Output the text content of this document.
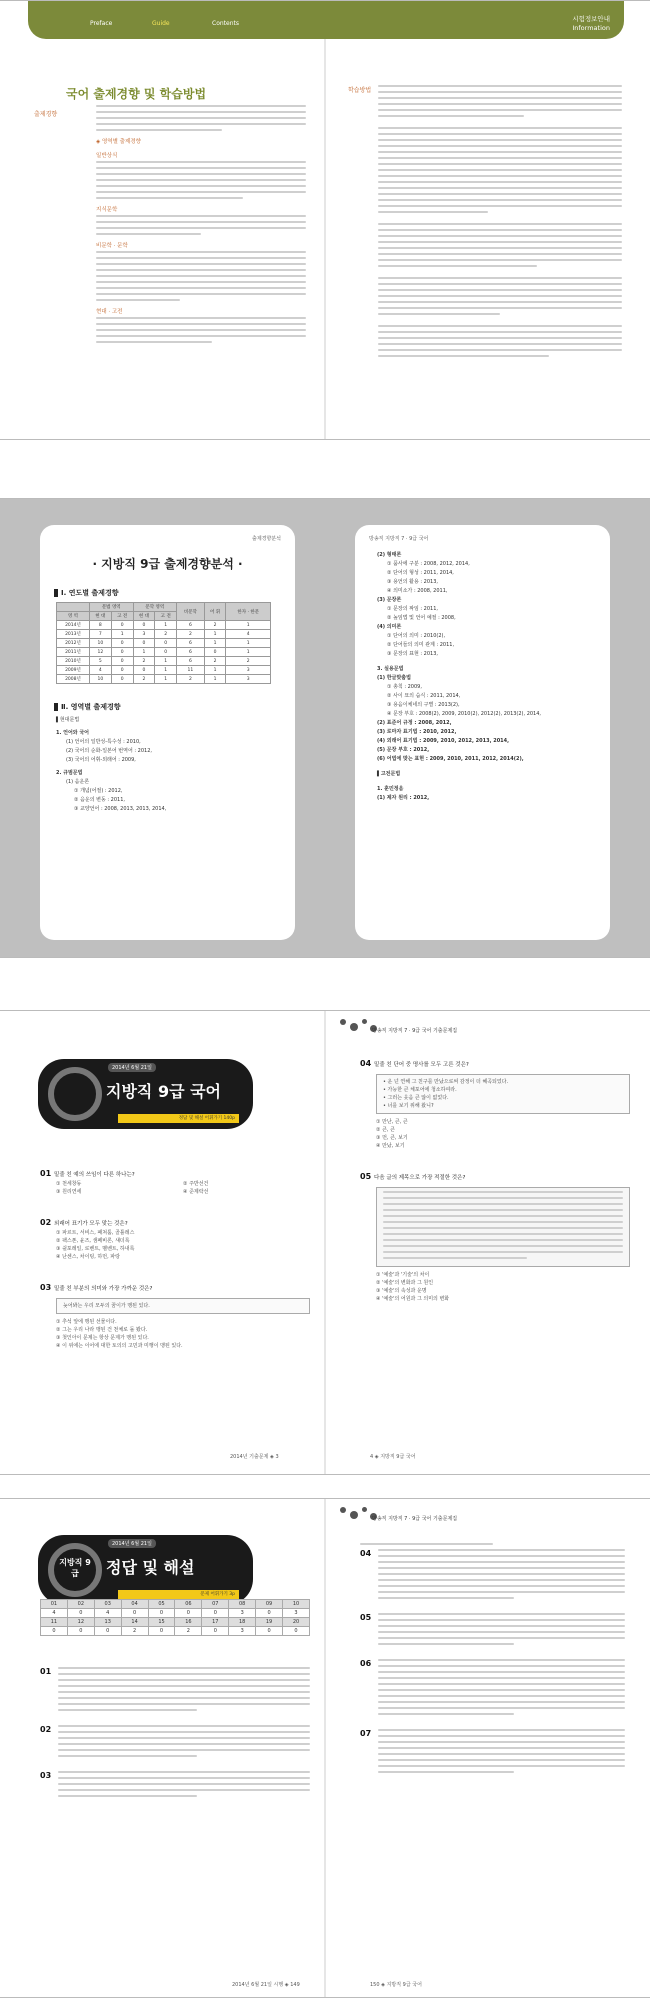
Preface	Guide	Contents
시험정보안내
Information
국어 출제경향 및 학습방법
출제경향
학습방법
◈ 영역별 출제경향
일반상식
지식문학
비문학 · 문학
현대 · 고전
출제경향분석
· 지방직 9급 출제경향분석 ·
Ⅰ. 연도별 출제경향
	문법 영역		문학 영역		비문학	어 휘	한자 · 한문
영 역	현 대	고 전	현 대	고 전			
2014년	8	0	0	1	6	2	1
2013년	7	1	3	2	2	1	4
2012년	10	0	0	0	6	1	1
2011년	12	0	1	0	6	0	1
2010년	5	0	2	1	6	2	2
2009년	4	0	0	1	11	1	3
2008년	10	0	2	1	2	1	3
Ⅱ. 영역별 출제경향
▌현대문법
1. 언어와 국어
(1) 언어의 일반성-특수성 : 2010,
(2) 국어의 순화-일본어 번역어 : 2012,
(3) 국어의 어휘-외래어 : 2009,
2. 규범문법
(1) 음운론
① 개념(어절) : 2012,
② 음운의 변동 : 2011,
③ 교양언어 : 2008, 2013, 2013, 2014,
방송직 지방직 7 · 9급 국어
(2) 형태론
① 품사에 구분 : 2008, 2012, 2014,
② 단어의 형성 : 2011, 2014,
③ 용언의 활용 : 2013,
④ 의미소가 : 2008, 2011,
(3) 문장론
① 문장의 짜임 : 2011,
② 높임법 및 언어 예절 : 2008,
(4) 의미론
① 단어의 의미 : 2010(2),
② 단어들의 의미 관계 : 2011,
③ 문장의 표현 : 2013,
3. 실용문법
(1) 한글맞춤법
① 총칙 : 2009,
② 사이 묘의 습식 : 2011, 2014,
③ 용음이체네의 구별 : 2013(2),
④ 문장 부호 : 2008(2), 2009, 2010(2), 2012(2), 2013(2), 2014,
(2) 표준어 규정 : 2008, 2012,
(3) 로마자 표기법 : 2010, 2012,
(4) 외래어 표기법 : 2009, 2010, 2012, 2013, 2014,
(5) 문장 부호 : 2012,
(6) 어법에 맞는 표현 : 2009, 2010, 2011, 2012, 2014(2),
▌고전문법
1. 훈민정음
(1) 제자 원리 : 2012,
2014년 6월 21일
지방직 9급 국어
정답 및 해설 어휘가기 140p
01 밑줄 친 예의 쓰임이 다른 하나는?
① 천세창동	② 주반선건
③ 원리연세	④ 준제락선
02 외래어 표기가 모두 맞는 것은?
① 파르트, 서비스, 패쳐툼, 골틀레스
② 팩스폰, 윤즈, 샘페비론, 섀더록
③ 쉴포레일, 로벤트, 벨벤트, 하내록
④ 난센스, 차이팅, 하먼, 파랑
03 밑줄 친 부분의 의미와 가장 가까운 것은?
늦어봐는 우리 모두의 꿈이가 맹된 있다.
① 추석 앞에 맹된 선물이다.
② 그는 우리 나라 맹된 건 천체로 돌 봤다.
③ 첫인아이 문제는 항상 문제가 맹된 있다.
④ 이 위에는 이어에 대한 토의의 고민과 미행이 맹된 있다.
2014년 기출문제 ◈ 3
방송직 지방직 7 · 9급 국어 기출문제집
04 밑줄 친 단어 중 명사를 모두 고른 것은?
• 운 넌 연해 그 친구를 만났으로써 감정이 더 혜곡되었다.
• 가능한 큰 체포어에 청소하여라.
• 그러는 웃음 큰 않이 없었다.
• 너를 보기 위해 왔니?
① 만난, 큰, 큰
② 큰, 큰
③ 먼, 큰, 보기
④ 만났, 보기
05 다음 글의 제목으로 가장 적절한 것은?
① '예술'과 '기술'의 차이
② '예술'의 변화과 그 원인
③ '예술'의 속성과 운명
④ '예술'의 어원과 그 의미의 변화
4 ◈ 지방직 9급 국어
지방직 9급
2014년 6월 21일
정답 및 해설
문제 어휘가기 3p
01	02	03	04	05	06	07	08	09	10
4	0	4	0	0	0	0	3	0	3
11	12	13	14	15	16	17	18	19	20
0	0	0	2	0	2	0	3	0	0
01
02
03
2014년 6월 21일 시행 ◈ 149
방송직 지방직 7 · 9급 국어 기출문제집
04
05
06
07
150 ◈ 지방직 9급 국어
